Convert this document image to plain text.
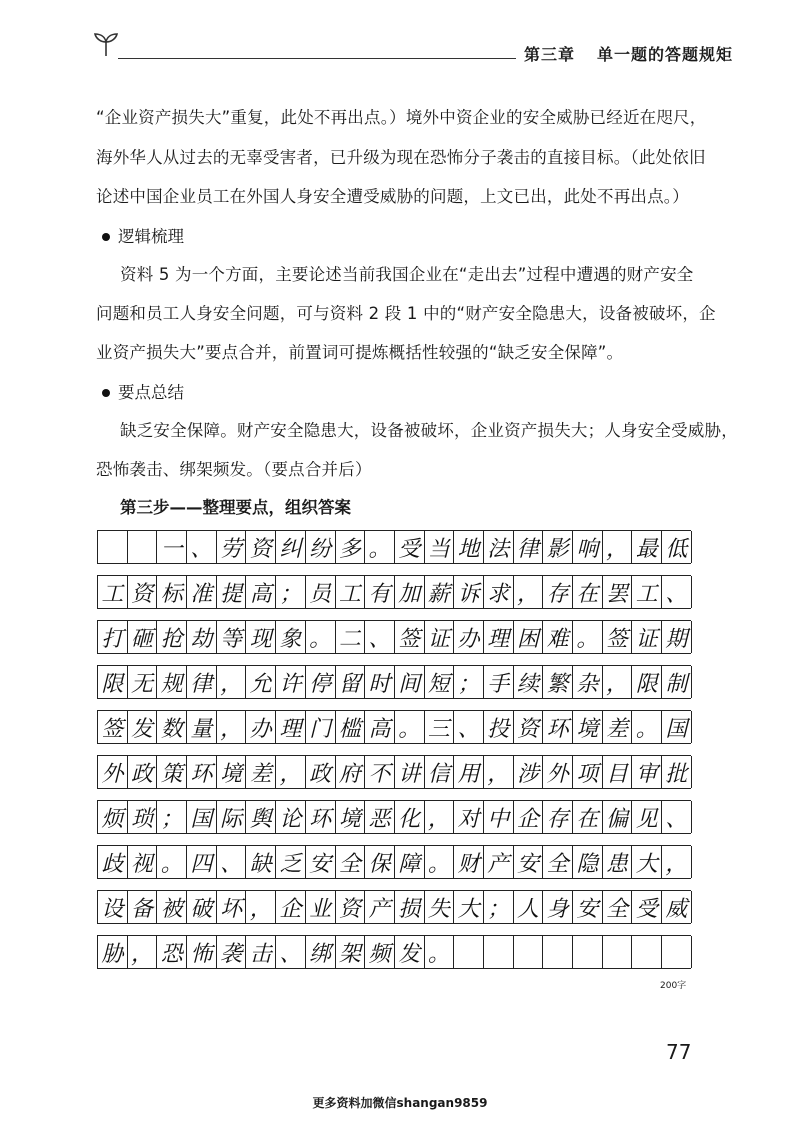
第三章 单一题的答题规矩
“企业资产损失大”重复，此处不再出点。）境外中资企业的安全威胁已经近在咫尺，
海外华人从过去的无辜受害者，已升级为现在恐怖分子袭击的直接目标。（此处依旧
论述中国企业员工在外国人身安全遭受威胁的问题，上文已出，此处不再出点。）
逻辑梳理
资料 5 为一个方面，主要论述当前我国企业在“走出去”过程中遭遇的财产安全
问题和员工人身安全问题，可与资料 2 段 1 中的“财产安全隐患大，设备被破坏，企
业资产损失大”要点合并，前置词可提炼概括性较强的“缺乏安全保障”。
要点总结
缺乏安全保障。财产安全隐患大，设备被破坏，企业资产损失大；人身安全受威胁，
恐怖袭击、绑架频发。（要点合并后）
第三步——整理要点，组织答案
一 、 劳 资 纠 纷 多 。 受 当 地 法 律 影 响 ， 最 低
工 资 标 准 提 高 ； 员 工 有 加 薪 诉 求 ， 存 在 罢 工 、
打 砸 抢 劫 等 现 象 。 二 、 签 证 办 理 困 难 。 签 证 期
限 无 规 律 ， 允 许 停 留 时 间 短 ； 手 续 繁 杂 ， 限 制
签 发 数 量 ， 办 理 门 槛 高 。 三 、 投 资 环 境 差 。 国
外 政 策 环 境 差 ， 政 府 不 讲 信 用 ， 涉 外 项 目 审 批
烦 琐 ； 国 际 舆 论 环 境 恶 化 ， 对 中 企 存 在 偏 见 、
歧 视 。 四 、 缺 乏 安 全 保 障 。 财 产 安 全 隐 患 大 ，
设 备 被 破 坏 ， 企 业 资 产 损 失 大 ； 人 身 安 全 受 威
胁 ， 恐 怖 袭 击 、 绑 架 频 发 。
200字
77
更多资料加微信shangan9859
